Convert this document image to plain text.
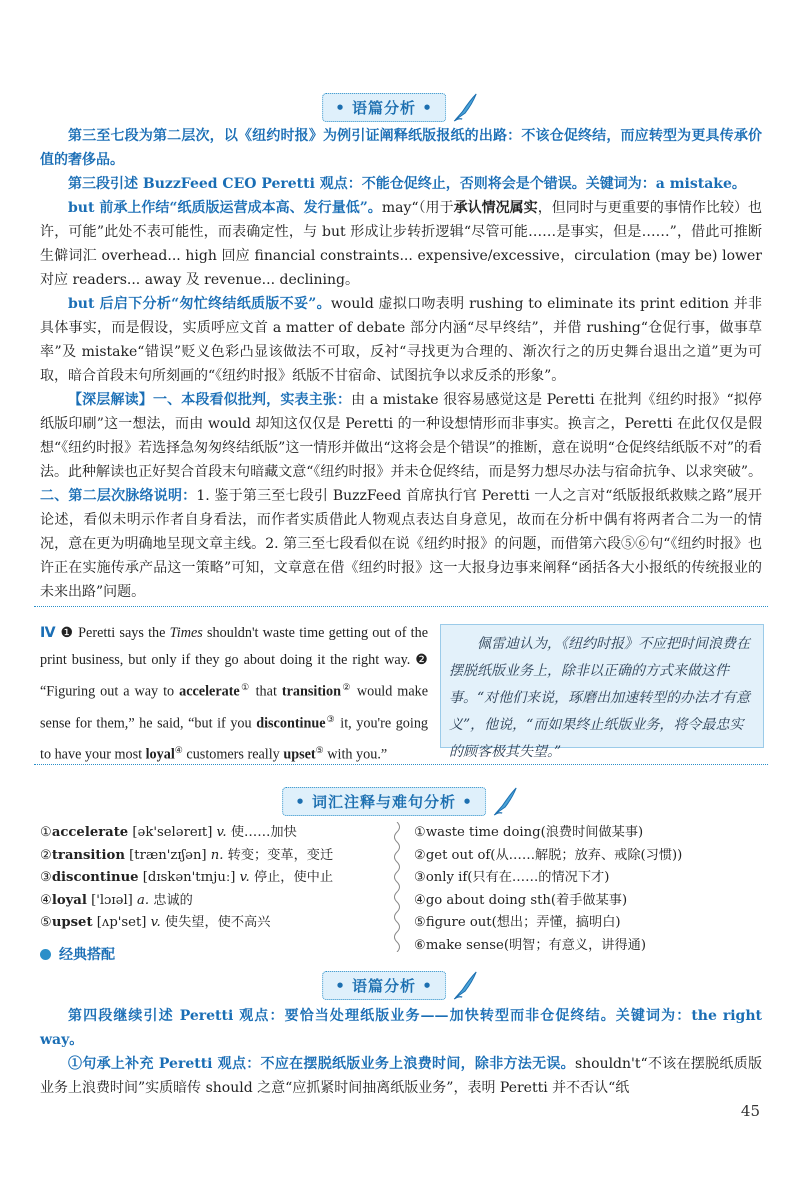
• 语篇分析 •

第三至七段为第二层次，以《纽约时报》为例引证阐释纸版报纸的出路：不该仓促终结，而应转型为更具传承价值的奢侈品。

第三段引述 BuzzFeed CEO Peretti 观点：不能仓促终止，否则将会是个错误。关键词为：a mistake。

but 前承上作结“纸质版运营成本高、发行量低”。may“（用于承认情况属实，但同时与更重要的事情作比较）也许，可能”此处不表可能性，而表确定性，与 but 形成让步转折逻辑“尽管可能……是事实，但是……”，借此可推断生僻词汇 overhead... high 回应 financial constraints... expensive/excessive，circulation (may be) lower 对应 readers... away 及 revenue... declining。

but 后启下分析“匆忙终结纸质版不妥”。would 虚拟口吻表明 rushing to eliminate its print edition 并非具体事实，而是假设，实质呼应文首 a matter of debate 部分内涵“尽早终结”，并借 rushing“仓促行事，做事草率”及 mistake“错误”贬义色彩凸显该做法不可取，反衬“寻找更为合理的、渐次行之的历史舞台退出之道”更为可取，暗合首段末句所刻画的“《纽约时报》纸版不甘宿命、试图抗争以求反杀的形象”。

【深层解读】一、本段看似批判，实表主张：由 a mistake 很容易感觉这是 Peretti 在批判《纽约时报》“拟停纸版印刷”这一想法，而由 would 却知这仅仅是 Peretti 的一种设想情形而非事实。换言之，Peretti 在此仅仅是假想“《纽约时报》若选择急匆匆终结纸版”这一情形并做出“这将会是个错误”的推断，意在说明“仓促终结纸版不对”的看法。此种解读也正好契合首段末句暗藏文意“《纽约时报》并未仓促终结，而是努力想尽办法与宿命抗争、以求突破”。二、第二层次脉络说明：1. 鉴于第三至七段引 BuzzFeed 首席执行官 Peretti 一人之言对“纸版报纸救赎之路”展开论述，看似未明示作者自身看法，而作者实质借此人物观点表达自身意见，故而在分析中偶有将两者合二为一的情况，意在更为明确地呈现文章主线。2. 第三至七段看似在说《纽约时报》的问题，而借第六段⑤⑥句“《纽约时报》也许正在实施传承产品这一策略”可知，文章意在借《纽约时报》这一大报身边事来阐释“函括各大小报纸的传统报业的未来出路”问题。

Ⅳ ❶ Peretti says the Times shouldn't waste time getting out of the print business, but only if they go about doing it the right way. ❷ “Figuring out a way to accelerate① that transition② would make sense for them,” he said, “but if you discontinue③ it, you're going to have your most loyal④ customers really upset⑤ with you.”

佩雷迪认为，《纽约时报》不应把时间浪费在摆脱纸版业务上，除非以正确的方式来做这件事。“对他们来说，琢磨出加速转型的办法才有意义”，他说，“而如果终止纸版业务，将令最忠实的顾客极其失望。”

• 词汇注释与难句分析 •
①accelerate [ək'seləreɪt] v. 使……加快
②transition [træn'zɪʃən] n. 转变；变革，变迁
③discontinue [dɪskən'tɪnjuː] v. 停止，使中止
④loyal ['lɔɪəl] a. 忠诚的
⑤upset [ʌp'set] v. 使失望，使不高兴
①waste time doing(浪费时间做某事)
②get out of(从……解脱；放弃、戒除(习惯))
③only if(只有在……的情况下才)
④go about doing sth(着手做某事)
⑤figure out(想出；弄懂，搞明白)
⑥make sense(明智；有意义，讲得通)
经典搭配
• 语篇分析 •

第四段继续引述 Peretti 观点：要恰当处理纸版业务——加快转型而非仓促终结。关键词为：the right way。

①句承上补充 Peretti 观点：不应在摆脱纸版业务上浪费时间，除非方法无误。shouldn't“不该在摆脱纸质版业务上浪费时间”实质暗传 should 之意“应抓紧时间抽离纸版业务”，表明 Peretti 并不否认“纸

45
